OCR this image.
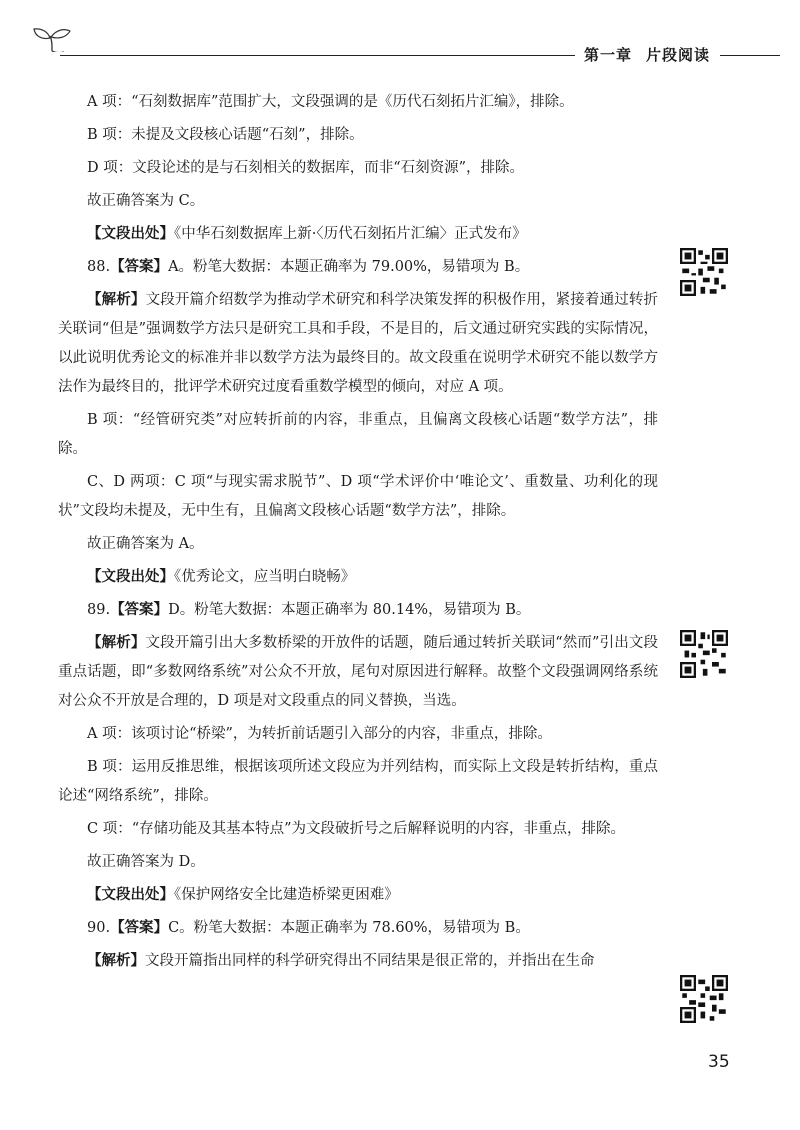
第一章 片段阅读

A 项：“石刻数据库”范围扩大，文段强调的是《历代石刻拓片汇编》，排除。

B 项：未提及文段核心话题“石刻”，排除。

D 项：文段论述的是与石刻相关的数据库，而非“石刻资源”，排除。

故正确答案为 C。

【文段出处】《中华石刻数据库上新·〈历代石刻拓片汇编〉正式发布》

88.【答案】A。粉笔大数据：本题正确率为 79.00%，易错项为 B。

【解析】文段开篇介绍数学为推动学术研究和科学决策发挥的积极作用，紧接着通过转折关联词“但是”强调数学方法只是研究工具和手段，不是目的，后文通过研究实践的实际情况，以此说明优秀论文的标准并非以数学方法为最终目的。故文段重在说明学术研究不能以数学方法作为最终目的，批评学术研究过度看重数学模型的倾向，对应 A 项。

B 项：“经管研究类”对应转折前的内容，非重点，且偏离文段核心话题“数学方法”，排除。

C、D 两项：C 项“与现实需求脱节”、D 项“学术评价中‘唯论文’、重数量、功利化的现状”文段均未提及，无中生有，且偏离文段核心话题“数学方法”，排除。

故正确答案为 A。

【文段出处】《优秀论文，应当明白晓畅》

89.【答案】D。粉笔大数据：本题正确率为 80.14%，易错项为 B。

【解析】文段开篇引出大多数桥梁的开放件的话题，随后通过转折关联词“然而”引出文段重点话题，即“多数网络系统”对公众不开放，尾句对原因进行解释。故整个文段强调网络系统对公众不开放是合理的，D 项是对文段重点的同义替换，当选。

A 项：该项讨论“桥梁”，为转折前话题引入部分的内容，非重点，排除。

B 项：运用反推思维，根据该项所述文段应为并列结构，而实际上文段是转折结构，重点论述“网络系统”，排除。

C 项：“存储功能及其基本特点”为文段破折号之后解释说明的内容，非重点，排除。

故正确答案为 D。

【文段出处】《保护网络安全比建造桥梁更困难》

90.【答案】C。粉笔大数据：本题正确率为 78.60%，易错项为 B。

【解析】文段开篇指出同样的科学研究得出不同结果是很正常的，并指出在生命

35
